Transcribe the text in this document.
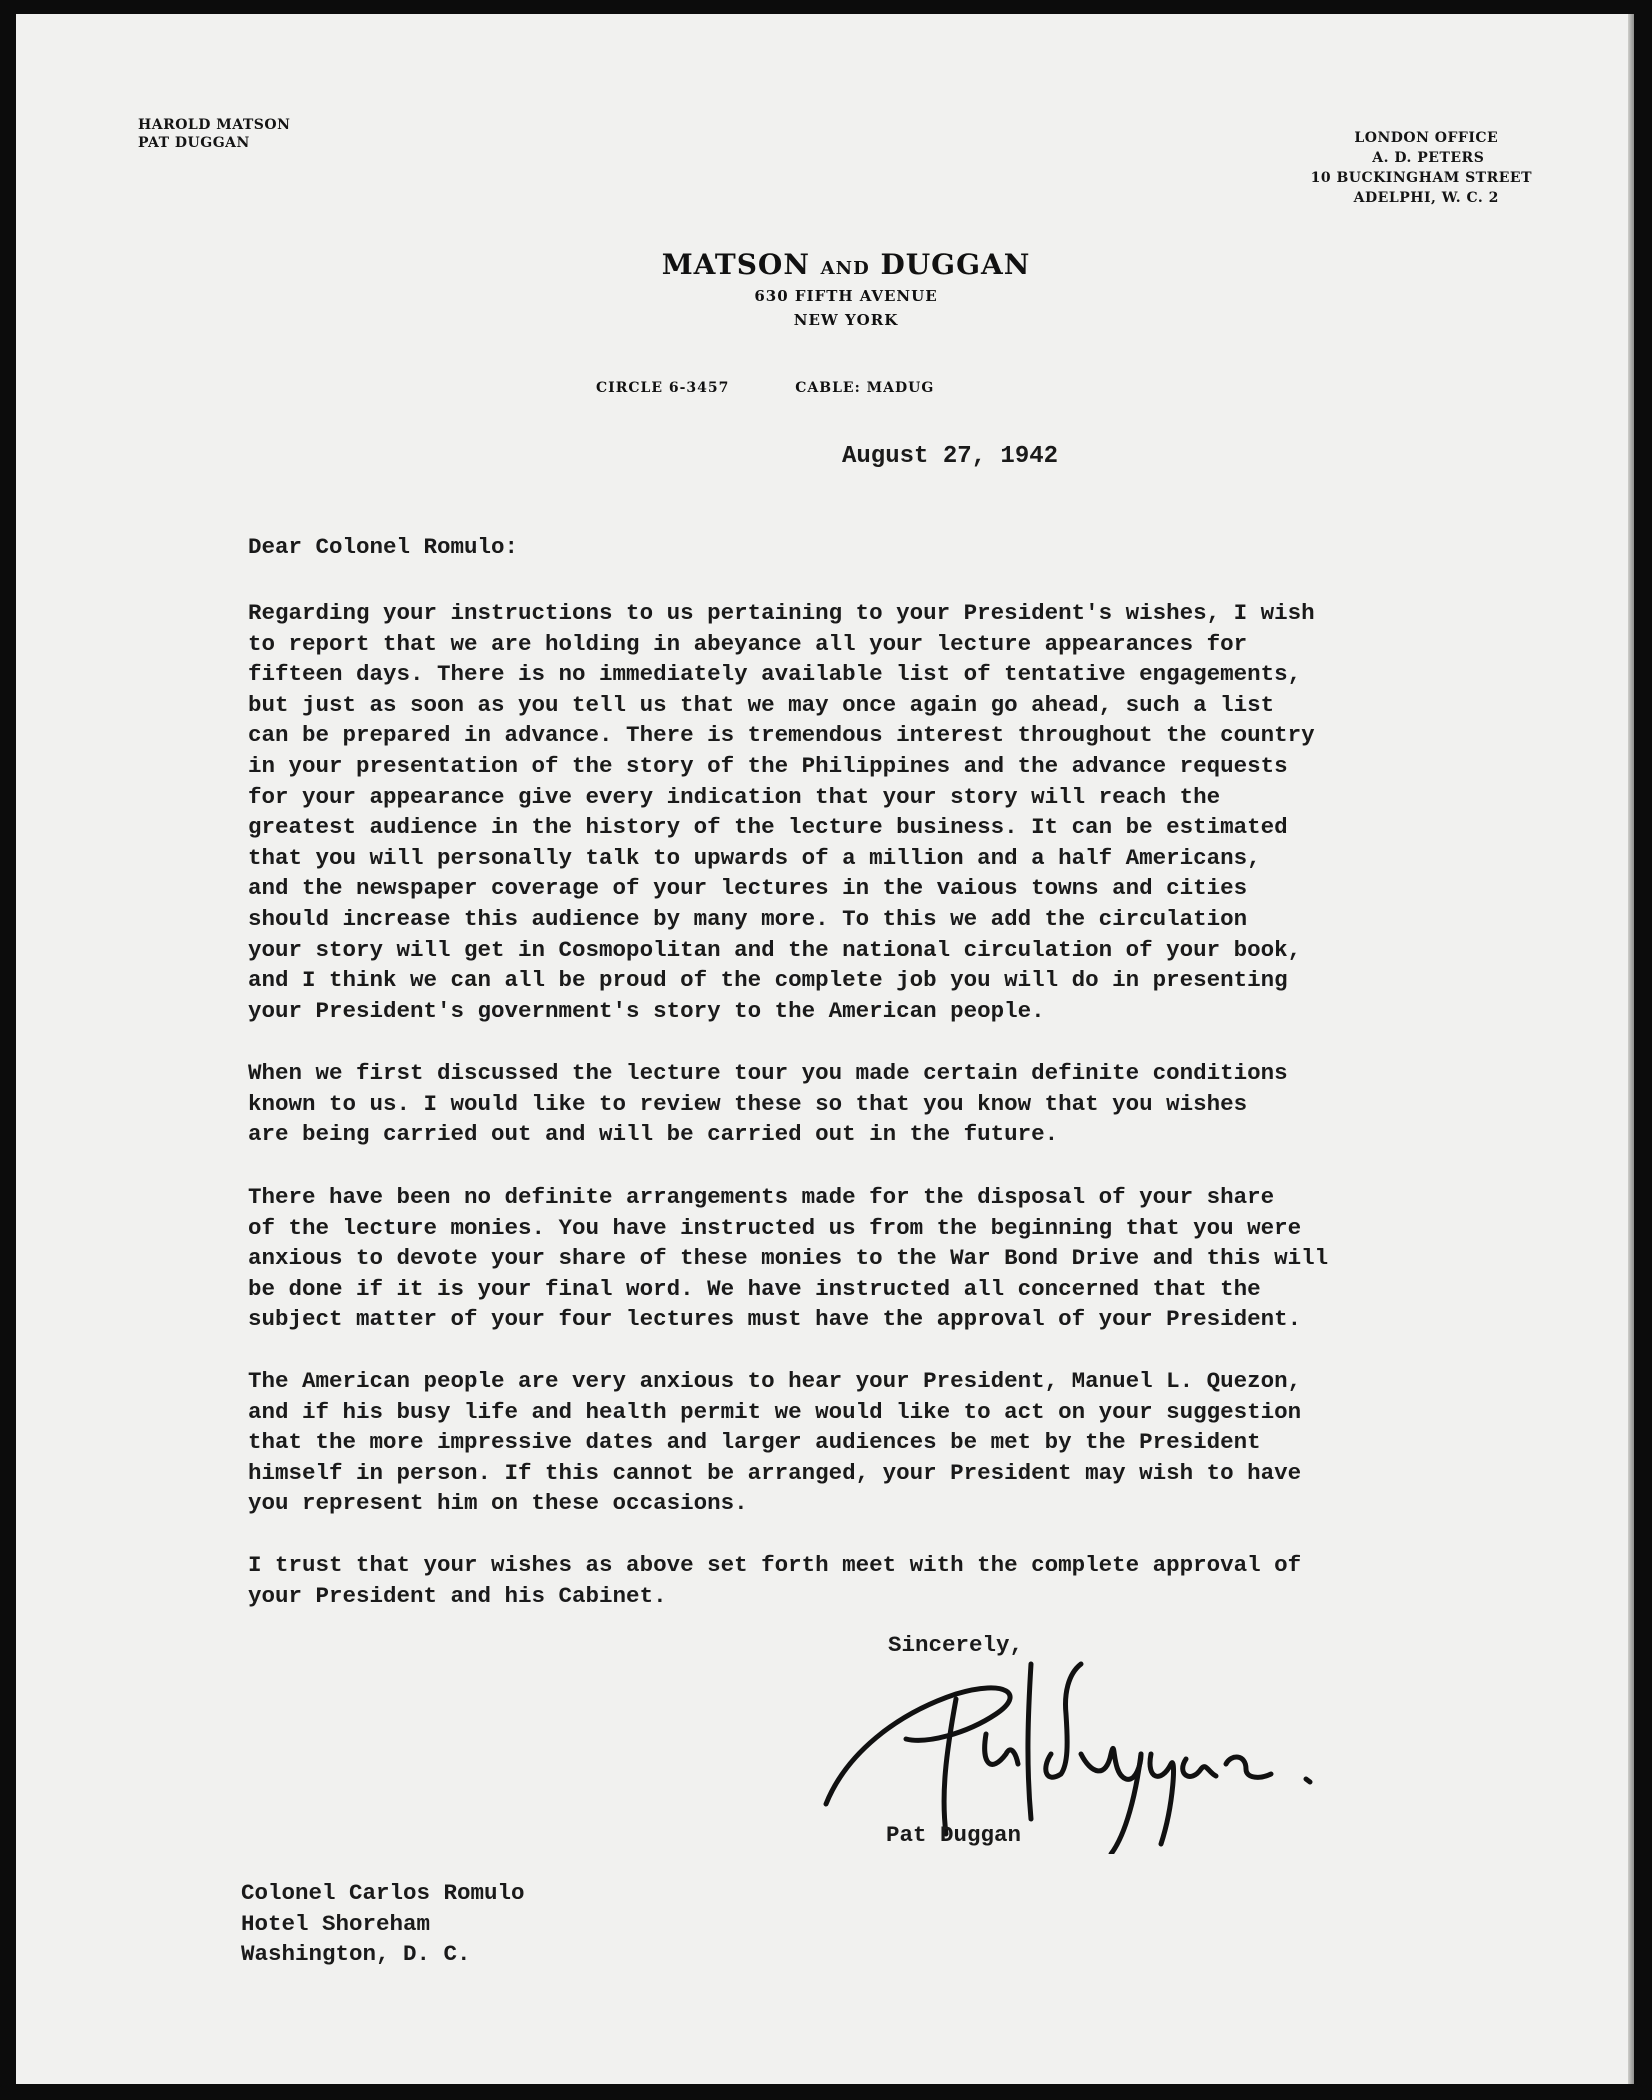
HAROLD MATSON
PAT DUGGAN	LONDON OFFICE
A. D. PETERS
10 BUCKINGHAM STREET
ADELPHI, W. C. 2
MATSON AND DUGGAN
630 FIFTH AVENUE
NEW YORK
CIRCLE 6-3457	CABLE: MADUG
August 27, 1942
Dear Colonel Romulo:
Regarding your instructions to us pertaining to your President's wishes, I wish
to report that we are holding in abeyance all your lecture appearances for
fifteen days. There is no immediately available list of tentative engagements,
but just as soon as you tell us that we may once again go ahead, such a list
can be prepared in advance. There is tremendous interest throughout the country
in your presentation of the story of the Philippines and the advance requests
for your appearance give every indication that your story will reach the
greatest audience in the history of the lecture business. It can be estimated
that you will personally talk to upwards of a million and a half Americans,
and the newspaper coverage of your lectures in the vaious towns and cities
should increase this audience by many more. To this we add the circulation
your story will get in Cosmopolitan and the national circulation of your book,
and I think we can all be proud of the complete job you will do in presenting
your President's government's story to the American people.
When we first discussed the lecture tour you made certain definite conditions
known to us. I would like to review these so that you know that you wishes
are being carried out and will be carried out in the future.
There have been no definite arrangements made for the disposal of your share
of the lecture monies. You have instructed us from the beginning that you were
anxious to devote your share of these monies to the War Bond Drive and this will
be done if it is your final word. We have instructed all concerned that the
subject matter of your four lectures must have the approval of your President.
The American people are very anxious to hear your President, Manuel L. Quezon,
and if his busy life and health permit we would like to act on your suggestion
that the more impressive dates and larger audiences be met by the President
himself in person. If this cannot be arranged, your President may wish to have
you represent him on these occasions.
I trust that your wishes as above set forth meet with the complete approval of
your President and his Cabinet.
Sincerely,
Pat Duggan
Colonel Carlos Romulo
Hotel Shoreham
Washington, D. C.
